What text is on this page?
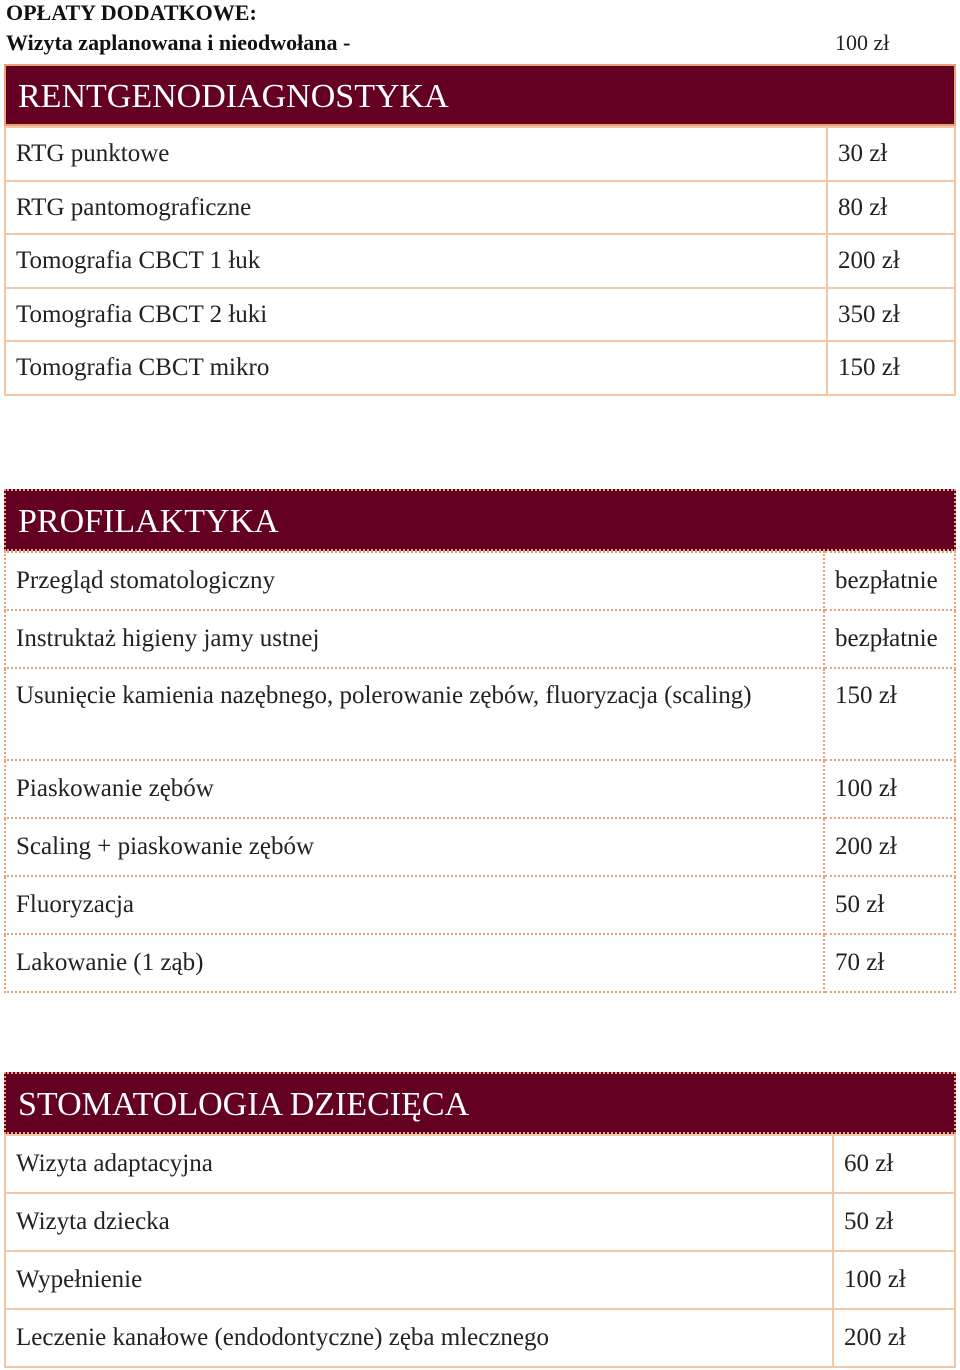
OPŁATY DODATKOWE:
Wizyta zaplanowana i nieodwołana -	100 zł
RENTGENODIAGNOSTYKA
RTG punktowe	30 zł
RTG pantomograficzne	80 zł
Tomografia CBCT 1 łuk	200 zł
Tomografia CBCT 2 łuki	350 zł
Tomografia CBCT mikro	150 zł
PROFILAKTYKA
Przegląd stomatologiczny	bezpłatnie
Instruktaż higieny jamy ustnej	bezpłatnie
Usunięcie kamienia nazębnego, polerowanie zębów, fluoryzacja (scaling)	150 zł
Piaskowanie zębów	100 zł
Scaling + piaskowanie zębów	200 zł
Fluoryzacja	50 zł
Lakowanie (1 ząb)	70 zł
STOMATOLOGIA DZIECIĘCA
Wizyta adaptacyjna	60 zł
Wizyta dziecka	50 zł
Wypełnienie	100 zł
Leczenie kanałowe (endodontyczne) zęba mlecznego	200 zł
